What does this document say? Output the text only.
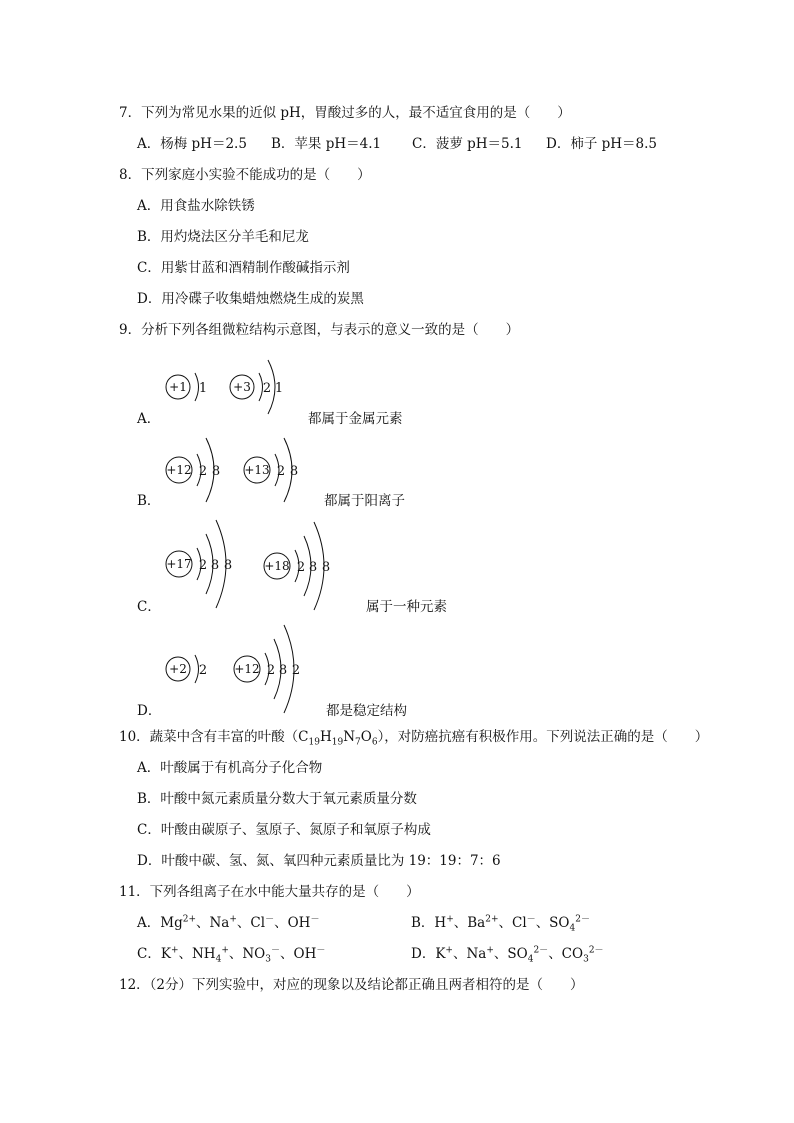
7．下列为常见水果的近似 pH，胃酸过多的人，最不适宜食用的是（　　）
A．杨梅 pH＝2.5 B．苹果 pH＝4.1 C．菠萝 pH＝5.1 D．柿子 pH＝8.5
8．下列家庭小实验不能成功的是（　　）
A．用食盐水除铁锈
B．用灼烧法区分羊毛和尼龙
C．用紫甘蓝和酒精制作酸碱指示剂
D．用冷碟子收集蜡烛燃烧生成的炭黑
9．分析下列各组微粒结构示意图，与表示的意义一致的是（　　）
A．
+1 1 +3 2 1
都属于金属元素
B．
+12 2 8 +13 2 8
都属于阳离子
C．
+17 2 8 8	+18 2 8 8
属于一种元素
D．
+2 2 +12 2 8 2
都是稳定结构
10．蔬菜中含有丰富的叶酸$(C_{19}H_{19}N_7O_6)$，对防癌抗癌有积极作用。下列说法正确的是（　　）
A．叶酸属于有机高分子化合物
B．叶酸中氮元素质量分数大于氧元素质量分数
C．叶酸由碳原子、氢原子、氮原子和氧原子构成
D．叶酸中碳、氢、氮、氧四种元素质量比为 19：19：7：6
11．下列各组离子在水中能大量共存的是（　　）
A．$Mg^{2+}$、Na+、Cl－、OH－	B．H+、$Ba^{2+}$、Cl－、$SO_4^{2-}$
C．K+、$NH_4^+$、$NO_3^-$、OH－	D．K+、Na+、$SO_4^{2-}$、$CO_3^{2-}$
12．（2分）下列实验中，对应的现象以及结论都正确且两者相符的是（　　）
